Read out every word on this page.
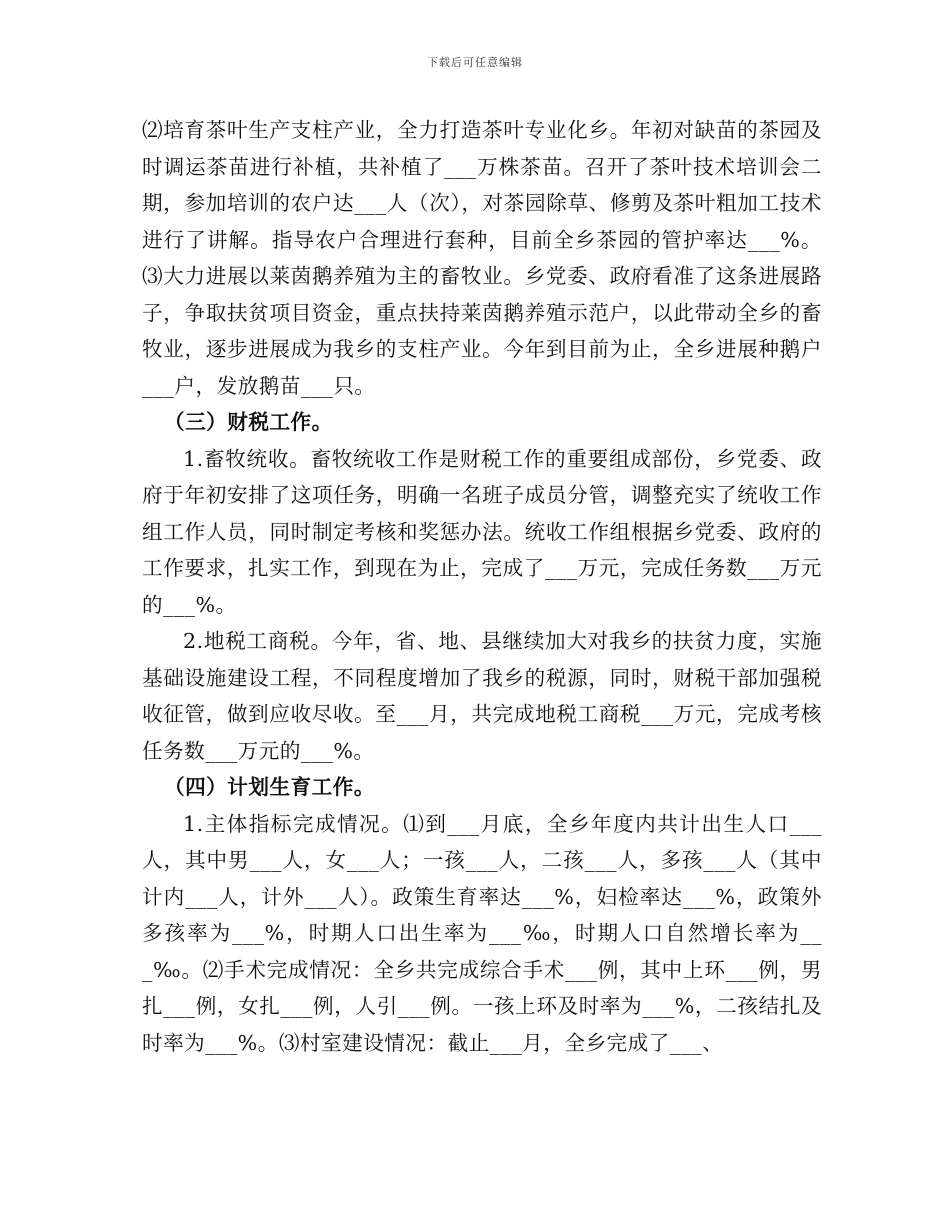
下载后可任意编辑

⑵培育茶叶生产支柱产业，全力打造茶叶专业化乡。年初对缺苗的茶园及时调运茶苗进行补植，共补植了___万株茶苗。召开了茶叶技术培训会二期，参加培训的农户达___人（次），对茶园除草、修剪及茶叶粗加工技术进行了讲解。指导农户合理进行套种，目前全乡茶园的管护率达___%。⑶大力进展以莱茵鹅养殖为主的畜牧业。乡党委、政府看准了这条进展路子，争取扶贫项目资金，重点扶持莱茵鹅养殖示范户，以此带动全乡的畜牧业，逐步进展成为我乡的支柱产业。今年到目前为止，全乡进展种鹅户___户，发放鹅苗___只。

（三）财税工作。

1.畜牧统收。畜牧统收工作是财税工作的重要组成部份，乡党委、政府于年初安排了这项任务，明确一名班子成员分管，调整充实了统收工作组工作人员，同时制定考核和奖惩办法。统收工作组根据乡党委、政府的工作要求，扎实工作，到现在为止，完成了___万元，完成任务数___万元的___%。

2.地税工商税。今年，省、地、县继续加大对我乡的扶贫力度，实施基础设施建设工程，不同程度增加了我乡的税源，同时，财税干部加强税收征管，做到应收尽收。至___月，共完成地税工商税___万元，完成考核任务数___万元的___%。

（四）计划生育工作。

1.主体指标完成情况。⑴到___月底，全乡年度内共计出生人口___人，其中男___人，女___人；一孩___人，二孩___人，多孩___人（其中计内___人，计外___人）。政策生育率达___%，妇检率达___%，政策外多孩率为___%，时期人口出生率为___‰，时期人口自然增长率为___‰。⑵手术完成情况：全乡共完成综合手术___例，其中上环___例，男扎___例，女扎___例，人引___例。一孩上环及时率为___%，二孩结扎及时率为___%。⑶村室建设情况：截止___月，全乡完成了___、
